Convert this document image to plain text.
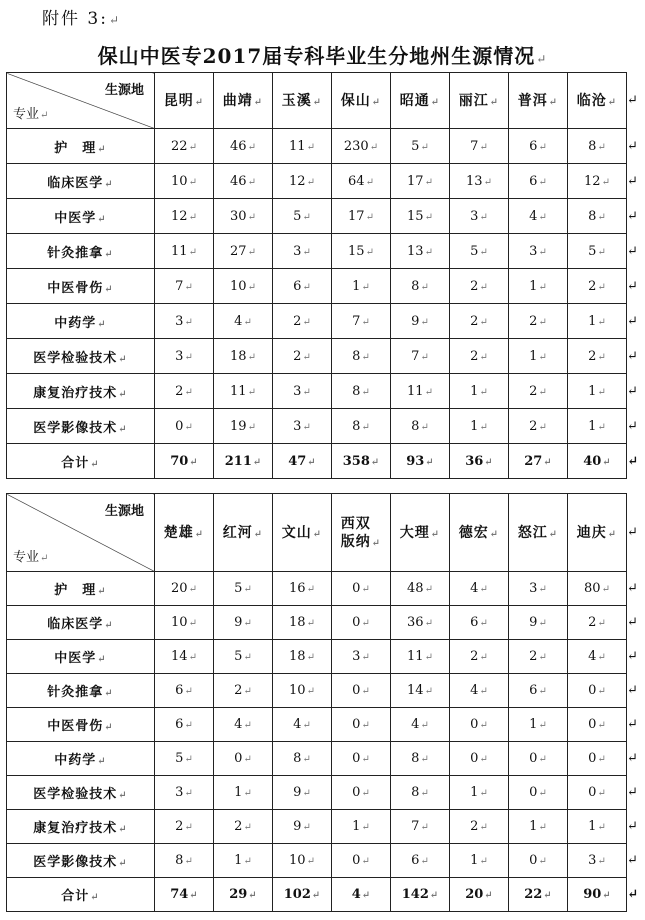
附件 3:↵
保山中医专2017届专科毕业生分地州生源情况↵
生源地
专业↵	昆明↵	曲靖↵	玉溪↵	保山↵	昭通↵	丽江↵	普洱↵	临沧↵	↵
护　理↵	22↵	46↵	11↵	230↵	5↵	7↵	6↵	8↵	↵
临床医学↵	10↵	46↵	12↵	64↵	17↵	13↵	6↵	12↵	↵
中医学↵	12↵	30↵	5↵	17↵	15↵	3↵	4↵	8↵	↵
针灸推拿↵	11↵	27↵	3↵	15↵	13↵	5↵	3↵	5↵	↵
中医骨伤↵	7↵	10↵	6↵	1↵	8↵	2↵	1↵	2↵	↵
中药学↵	3↵	4↵	2↵	7↵	9↵	2↵	2↵	1↵	↵
医学检验技术↵	3↵	18↵	2↵	8↵	7↵	2↵	1↵	2↵	↵
康复治疗技术↵	2↵	11↵	3↵	8↵	11↵	1↵	2↵	1↵	↵
医学影像技术↵	0↵	19↵	3↵	8↵	8↵	1↵	2↵	1↵	↵
合计↵	70↵	211↵	47↵	358↵	93↵	36↵	27↵	40↵	↵
生源地
专业↵	楚雄↵	红河↵	文山↵	西双版纳↵	大理↵	德宏↵	怒江↵	迪庆↵	↵
护　理↵	20↵	5↵	16↵	0↵	48↵	4↵	3↵	80↵	↵
临床医学↵	10↵	9↵	18↵	0↵	36↵	6↵	9↵	2↵	↵
中医学↵	14↵	5↵	18↵	3↵	11↵	2↵	2↵	4↵	↵
针灸推拿↵	6↵	2↵	10↵	0↵	14↵	4↵	6↵	0↵	↵
中医骨伤↵	6↵	4↵	4↵	0↵	4↵	0↵	1↵	0↵	↵
中药学↵	5↵	0↵	8↵	0↵	8↵	0↵	0↵	0↵	↵
医学检验技术↵	3↵	1↵	9↵	0↵	8↵	1↵	0↵	0↵	↵
康复治疗技术↵	2↵	2↵	9↵	1↵	7↵	2↵	1↵	1↵	↵
医学影像技术↵	8↵	1↵	10↵	0↵	6↵	1↵	0↵	3↵	↵
合计↵	74↵	29↵	102↵	4↵	142↵	20↵	22↵	90↵	↵
